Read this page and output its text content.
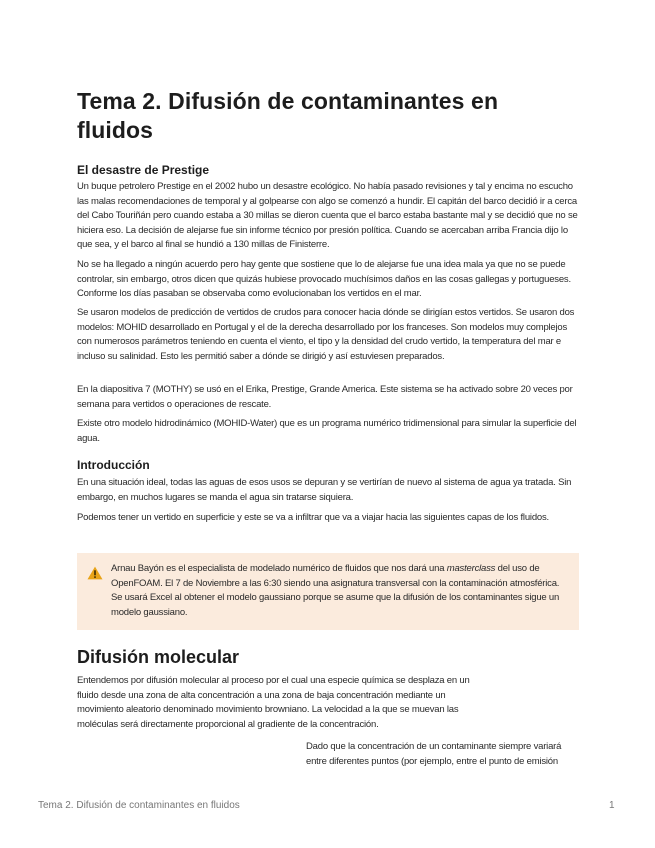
Tema 2. Difusión de contaminantes en fluidos
El desastre de Prestige
Un buque petrolero Prestige en el 2002 hubo un desastre ecológico. No había pasado revisiones y tal y encima no escucho las malas recomendaciones de temporal y al golpearse con algo se comenzó a hundir. El capitán del barco decidió ir a cerca del Cabo Touriñán pero cuando estaba a 30 millas se dieron cuenta que el barco estaba bastante mal y se decidió que no se hiciera eso. La decisión de alejarse fue sin informe técnico por presión política. Cuando se acercaban arriba Francia dijo lo que sea, y el barco al final se hundió a 130 millas de Finisterre.
No se ha llegado a ningún acuerdo pero hay gente que sostiene que lo de alejarse fue una idea mala ya que no se puede controlar, sin embargo, otros dicen que quizás hubiese provocado muchísimos daños en las cosas gallegas y portugueses. Conforme los días pasaban se observaba como evolucionaban los vertidos en el mar.
Se usaron modelos de predicción de vertidos de crudos para conocer hacia dónde se dirigían estos vertidos. Se usaron dos modelos: MOHID desarrollado en Portugal y el de la derecha desarrollado por los franceses. Son modelos muy complejos con numerosos parámetros teniendo en cuenta el viento, el tipo y la densidad del crudo vertido, la temperatura del mar e incluso su salinidad. Esto les permitió saber a dónde se dirigió y así estuviesen preparados.
En la diapositiva 7 (MOTHY) se usó en el Erika, Prestige, Grande America. Este sistema se ha activado sobre 20 veces por semana para vertidos o operaciones de rescate.
Existe otro modelo hidrodinámico (MOHID-Water) que es un programa numérico tridimensional para simular la superficie del agua.
Introducción
En una situación ideal, todas las aguas de esos usos se depuran y se vertirían de nuevo al sistema de agua ya tratada. Sin embargo, en muchos lugares se manda el agua sin tratarse siquiera.
Podemos tener un vertido en superficie y este se va a infiltrar que va a viajar hacia las siguientes capas de los fluidos.
Arnau Bayón es el especialista de modelado numérico de fluidos que nos dará una masterclass del uso de OpenFOAM. El 7 de Noviembre a las 6:30 siendo una asignatura transversal con la contaminación atmosférica. Se usará Excel al obtener el modelo gaussiano porque se asume que la difusión de los contaminantes sigue un modelo gaussiano.
Difusión molecular
Entendemos por difusión molecular al proceso por el cual una especie química se desplaza en un fluido desde una zona de alta concentración a una zona de baja concentración mediante un movimiento aleatorio denominado movimiento browniano. La velocidad a la que se muevan las moléculas será directamente proporcional al gradiente de la concentración.
Dado que la concentración de un contaminante siempre variará entre diferentes puntos (por ejemplo, entre el punto de emisión
Tema 2. Difusión de contaminantes en fluidos	1
